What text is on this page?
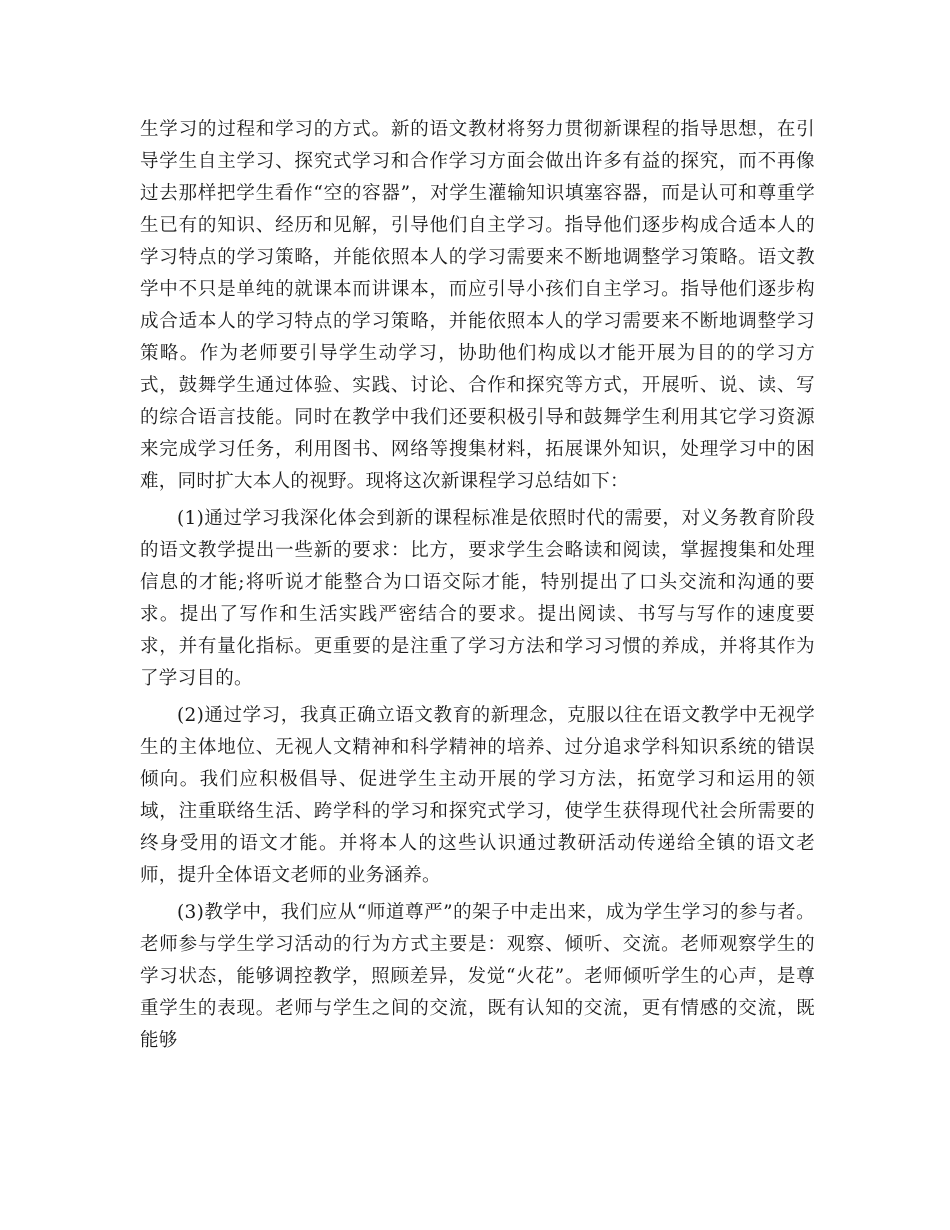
生学习的过程和学习的方式。新的语文教材将努力贯彻新课程的指导思想，在引导学生自主学习、探究式学习和合作学习方面会做出许多有益的探究，而不再像过去那样把学生看作“空的容器”，对学生灌输知识填塞容器，而是认可和尊重学生已有的知识、经历和见解，引导他们自主学习。指导他们逐步构成合适本人的学习特点的学习策略，并能依照本人的学习需要来不断地调整学习策略。语文教学中不只是单纯的就课本而讲课本，而应引导小孩们自主学习。指导他们逐步构成合适本人的学习特点的学习策略，并能依照本人的学习需要来不断地调整学习策略。作为老师要引导学生动学习，协助他们构成以才能开展为目的的学习方式，鼓舞学生通过体验、实践、讨论、合作和探究等方式，开展听、说、读、写的综合语言技能。同时在教学中我们还要积极引导和鼓舞学生利用其它学习资源来完成学习任务，利用图书、网络等搜集材料，拓展课外知识，处理学习中的困难，同时扩大本人的视野。现将这次新课程学习总结如下：

(1)通过学习我深化体会到新的课程标准是依照时代的需要，对义务教育阶段的语文教学提出一些新的要求：比方，要求学生会略读和阅读，掌握搜集和处理信息的才能;将听说才能整合为口语交际才能，特别提出了口头交流和沟通的要求。提出了写作和生活实践严密结合的要求。提出阅读、书写与写作的速度要求，并有量化指标。更重要的是注重了学习方法和学习习惯的养成，并将其作为了学习目的。

(2)通过学习，我真正确立语文教育的新理念，克服以往在语文教学中无视学生的主体地位、无视人文精神和科学精神的培养、过分追求学科知识系统的错误倾向。我们应积极倡导、促进学生主动开展的学习方法，拓宽学习和运用的领域，注重联络生活、跨学科的学习和探究式学习，使学生获得现代社会所需要的终身受用的语文才能。并将本人的这些认识通过教研活动传递给全镇的语文老师，提升全体语文老师的业务涵养。

(3)教学中，我们应从“师道尊严”的架子中走出来，成为学生学习的参与者。老师参与学生学习活动的行为方式主要是：观察、倾听、交流。老师观察学生的学习状态，能够调控教学，照顾差异，发觉“火花”。老师倾听学生的心声，是尊重学生的表现。老师与学生之间的交流，既有认知的交流，更有情感的交流，既能够
